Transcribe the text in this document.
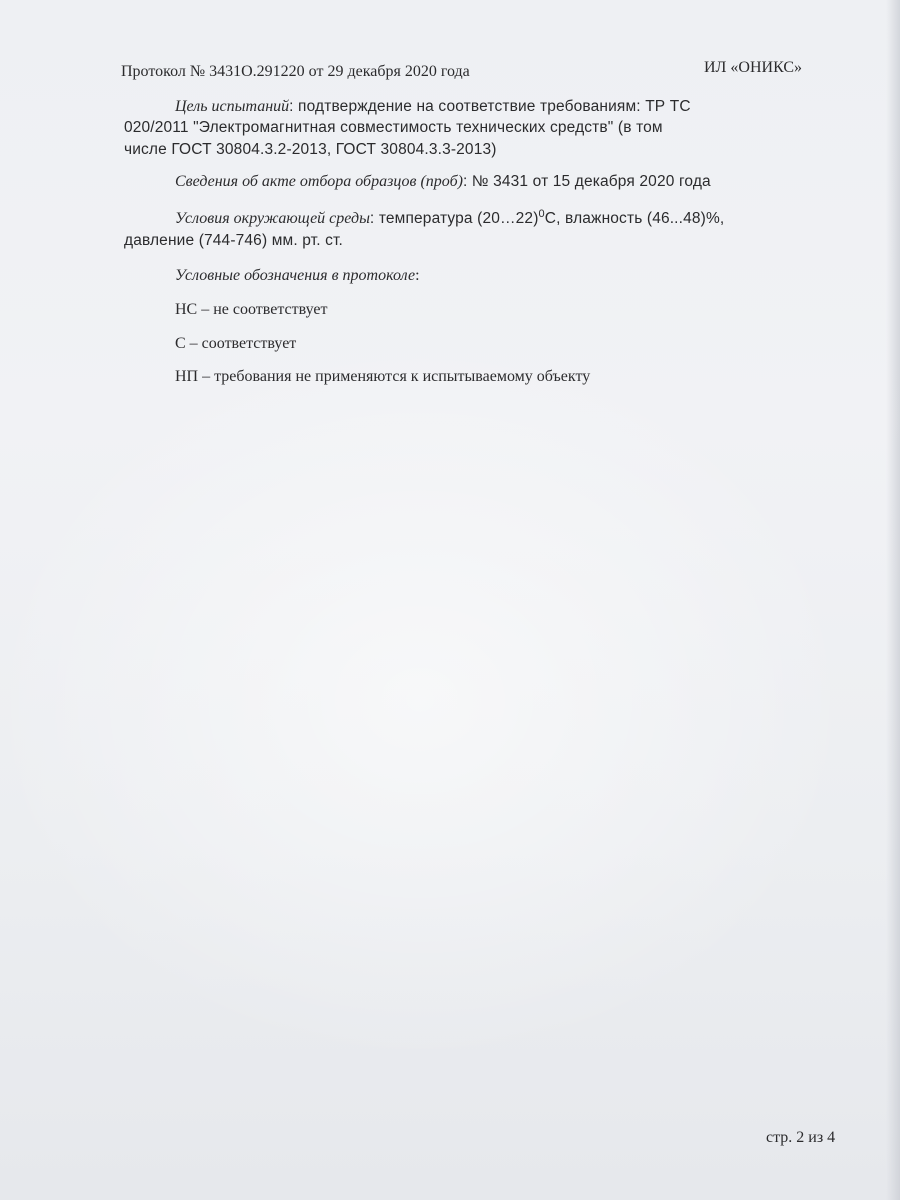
Протокол № 3431О.291220 от 29 декабря 2020 года	ИЛ «ОНИКС»
Цель испытаний: подтверждение на соответствие требованиям: ТР ТС
020/2011 "Электромагнитная совместимость технических средств" (в том
числе ГОСТ 30804.3.2-2013, ГОСТ 30804.3.3-2013)
Сведения об акте отбора образцов (проб): № 3431 от 15 декабря 2020 года
Условия окружающей среды: температура (20…22)$^0$С, влажность (46...48)%,
давление (744-746) мм. рт. ст.
Условные обозначения в протоколе:
НС – не соответствует
С – соответствует
НП – требования не применяются к испытываемому объекту
стр. 2 из 4
